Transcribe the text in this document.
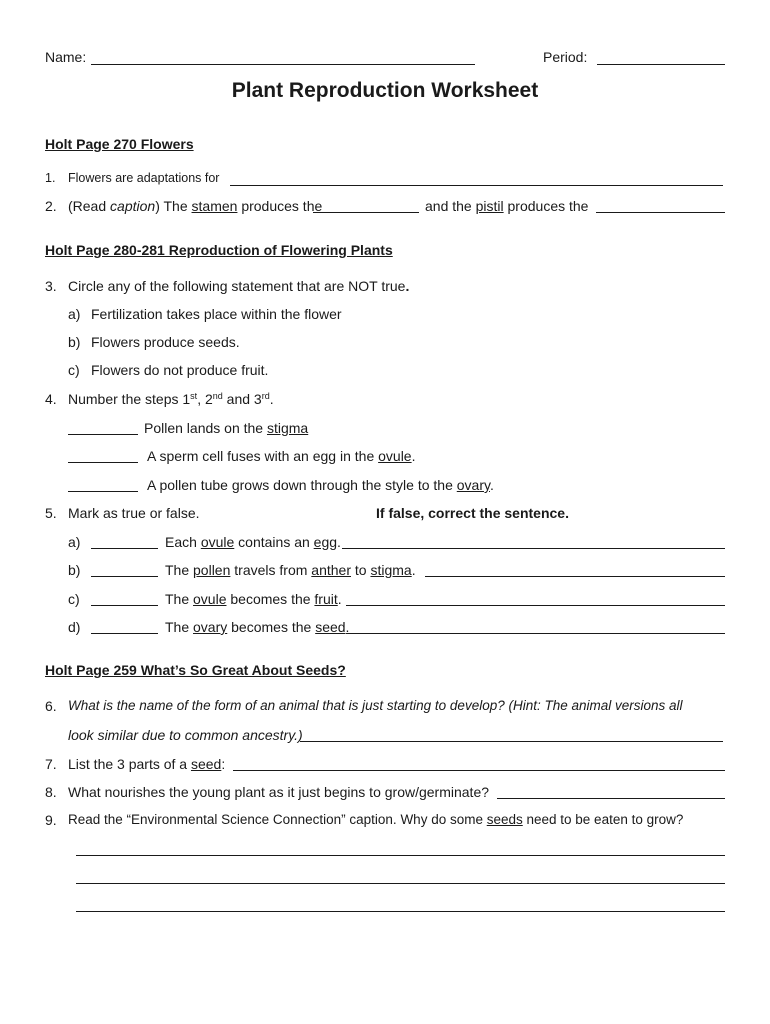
Name:	Period:
Plant Reproduction Worksheet
Holt Page 270 Flowers
1. Flowers are adaptations for
2. (Read caption) The stamen produces the	and the pistil produces the
Holt Page 280-281 Reproduction of Flowering Plants
3. Circle any of the following statement that are NOT true.
a) Fertilization takes place within the flower
b) Flowers produce seeds.
c) Flowers do not produce fruit.
4. Number the steps 1st, 2nd and 3rd.
Pollen lands on the stigma
A sperm cell fuses with an egg in the ovule.
A pollen tube grows down through the style to the ovary.
5. Mark as true or false.	If false, correct the sentence.
a)	Each ovule contains an egg.
b)	The pollen travels from anther to stigma.
c)	The ovule becomes the fruit.
d)	The ovary becomes the seed.
Holt Page 259 What’s So Great About Seeds?
6. What is the name of the form of an animal that is just starting to develop? (Hint: The animal versions all
look similar due to common ancestry.)
7. List the 3 parts of a seed:
8. What nourishes the young plant as it just begins to grow/germinate?
9. Read the “Environmental Science Connection” caption. Why do some seeds need to be eaten to grow?
